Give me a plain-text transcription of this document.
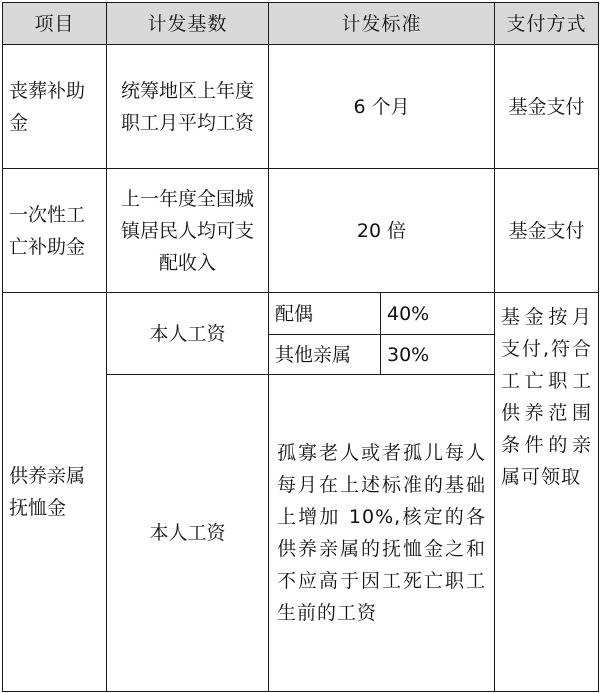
项目	计发基数	计发标准		支付方式
丧葬补助金	统筹地区上年度职工月平均工资	6 个月		基金支付
一次性工亡补助金	上一年度全国城镇居民人均可支配收入	20 倍		基金支付
供养亲属抚恤金	本人工资	配偶	40%	基金按月支付,符合工亡职工供养范围条件的亲属可领取
		其他亲属	30%	
	本人工资	孤寡老人或者孤儿每人每月在上述标准的基础上增加 10%,核定的各供养亲属的抚恤金之和不应高于因工死亡职工生前的工资		
